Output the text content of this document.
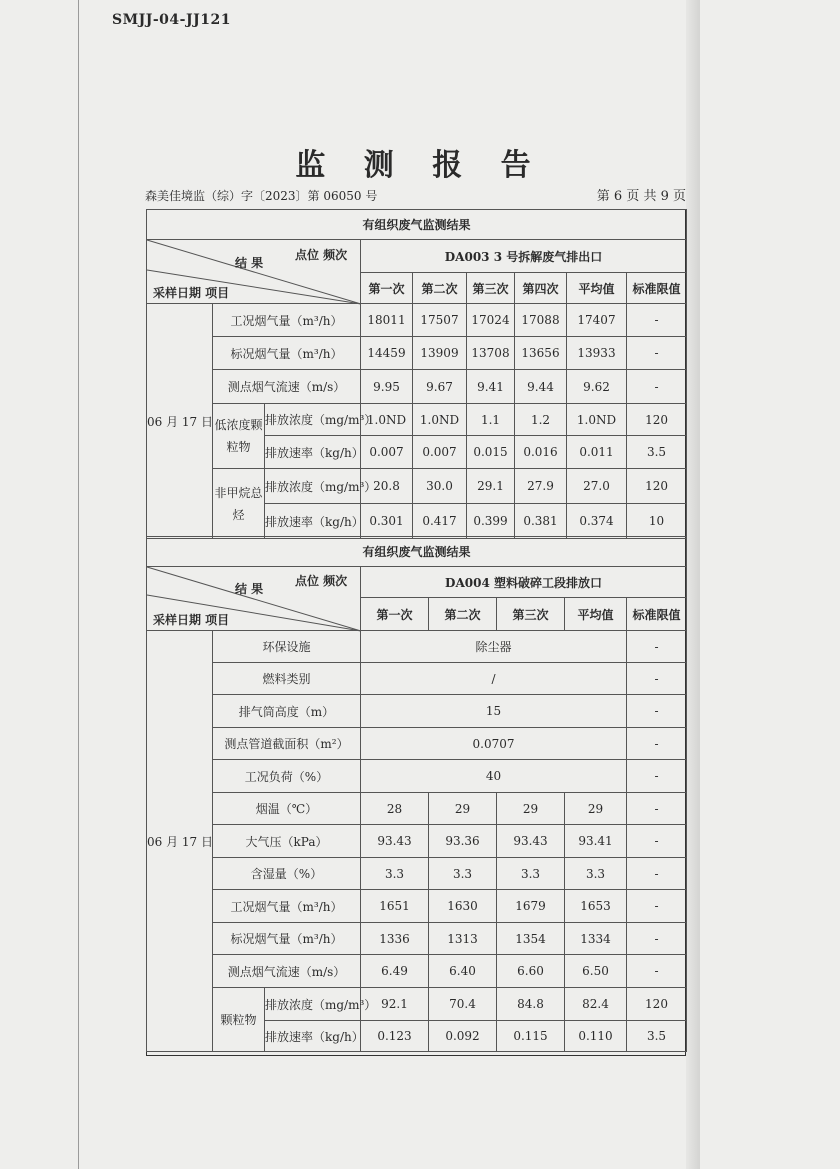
SMJJ-04-JJ121
监 测 报 告
森美佳境监（综）字〔2023〕第 06050 号	第 6 页 共 9 页
有组织废气监测结果								

结 果
点位 频次
采样日期 项目			DA003 3 号拆解废气排出口					
			第一次	第二次	第三次	第四次	平均值	标准限值
06 月 17 日	工况烟气量（m³/h）		18011	17507	17024	17088	17407	-
	标况烟气量（m³/h）		14459	13909	13708	13656	13933	-
	测点烟气流速（m/s）		9.95	9.67	9.41	9.44	9.62	-
	低浓度颗粒物	排放浓度（mg/m³）	1.0ND	1.0ND	1.1	1.2	1.0ND	120
		排放速率（kg/h）	0.007	0.007	0.015	0.016	0.011	3.5
	非甲烷总烃	排放浓度（mg/m³）	20.8	30.0	29.1	27.9	27.0	120
		排放速率（kg/h）	0.301	0.417	0.399	0.381	0.374	10
有组织废气监测结果							

结 果
点位 频次
采样日期 项目			DA004 塑料破碎工段排放口				
			第一次	第二次	第三次	平均值	标准限值
06 月 17 日	环保设施		除尘器				-
	燃料类别		/				-
	排气筒高度（m）		15				-
	测点管道截面积（m²）		0.0707				-
	工况负荷（%）		40				-
	烟温（℃）		28	29	29	29	-
	大气压（kPa）		93.43	93.36	93.43	93.41	-
	含湿量（%）		3.3	3.3	3.3	3.3	-
	工况烟气量（m³/h）		1651	1630	1679	1653	-
	标况烟气量（m³/h）		1336	1313	1354	1334	-
	测点烟气流速（m/s）		6.49	6.40	6.60	6.50	-
	颗粒物	排放浓度（mg/m³）	92.1	70.4	84.8	82.4	120
		排放速率（kg/h）	0.123	0.092	0.115	0.110	3.5
